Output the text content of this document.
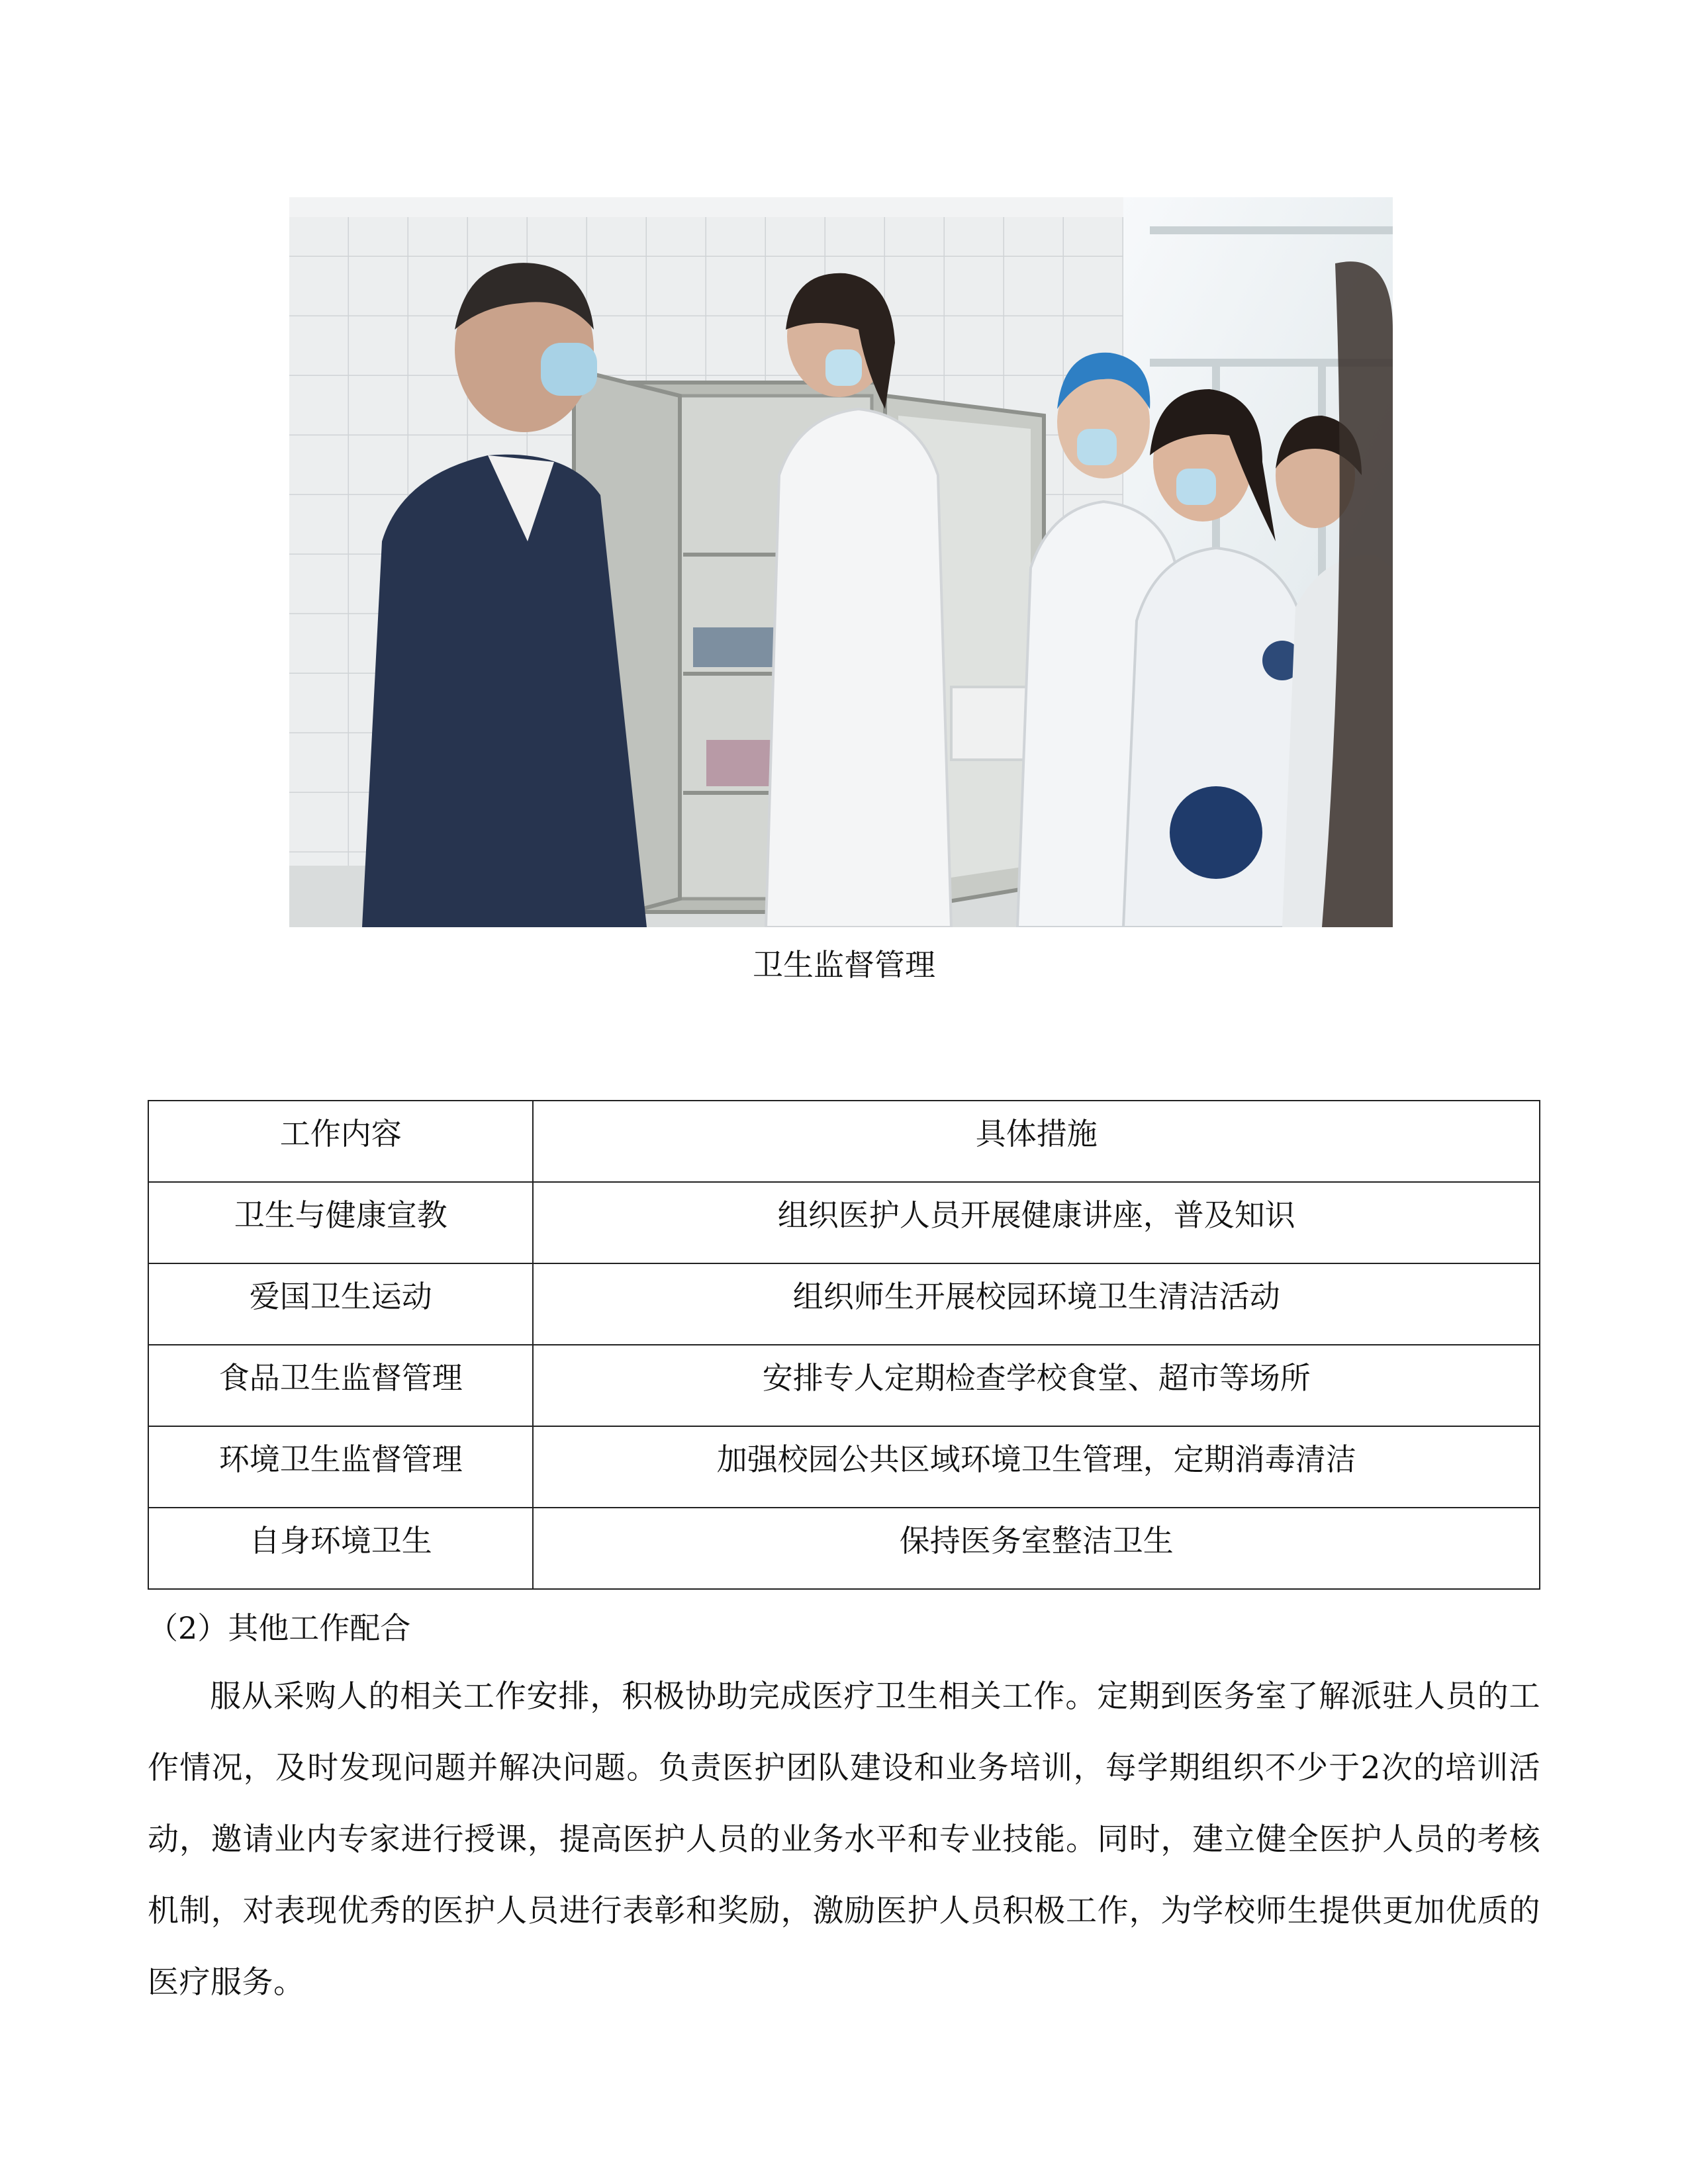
卫生监督管理
工作内容	具体措施
卫生与健康宣教	组织医护人员开展健康讲座，普及知识
爱国卫生运动	组织师生开展校园环境卫生清洁活动
食品卫生监督管理	安排专人定期检查学校食堂、超市等场所
环境卫生监督管理	加强校园公共区域环境卫生管理，定期消毒清洁
自身环境卫生	保持医务室整洁卫生
（2）其他工作配合
服从采购人的相关工作安排，积极协助完成医疗卫生相关工作。定期到医务室了解派驻人员的工作情况，及时发现问题并解决问题。负责医护团队建设和业务培训，每学期组织不少于2次的培训活动，邀请业内专家进行授课，提高医护人员的业务水平和专业技能。同时，建立健全医护人员的考核机制，对表现优秀的医护人员进行表彰和奖励，激励医护人员积极工作，为学校师生提供更加优质的医疗服务。
